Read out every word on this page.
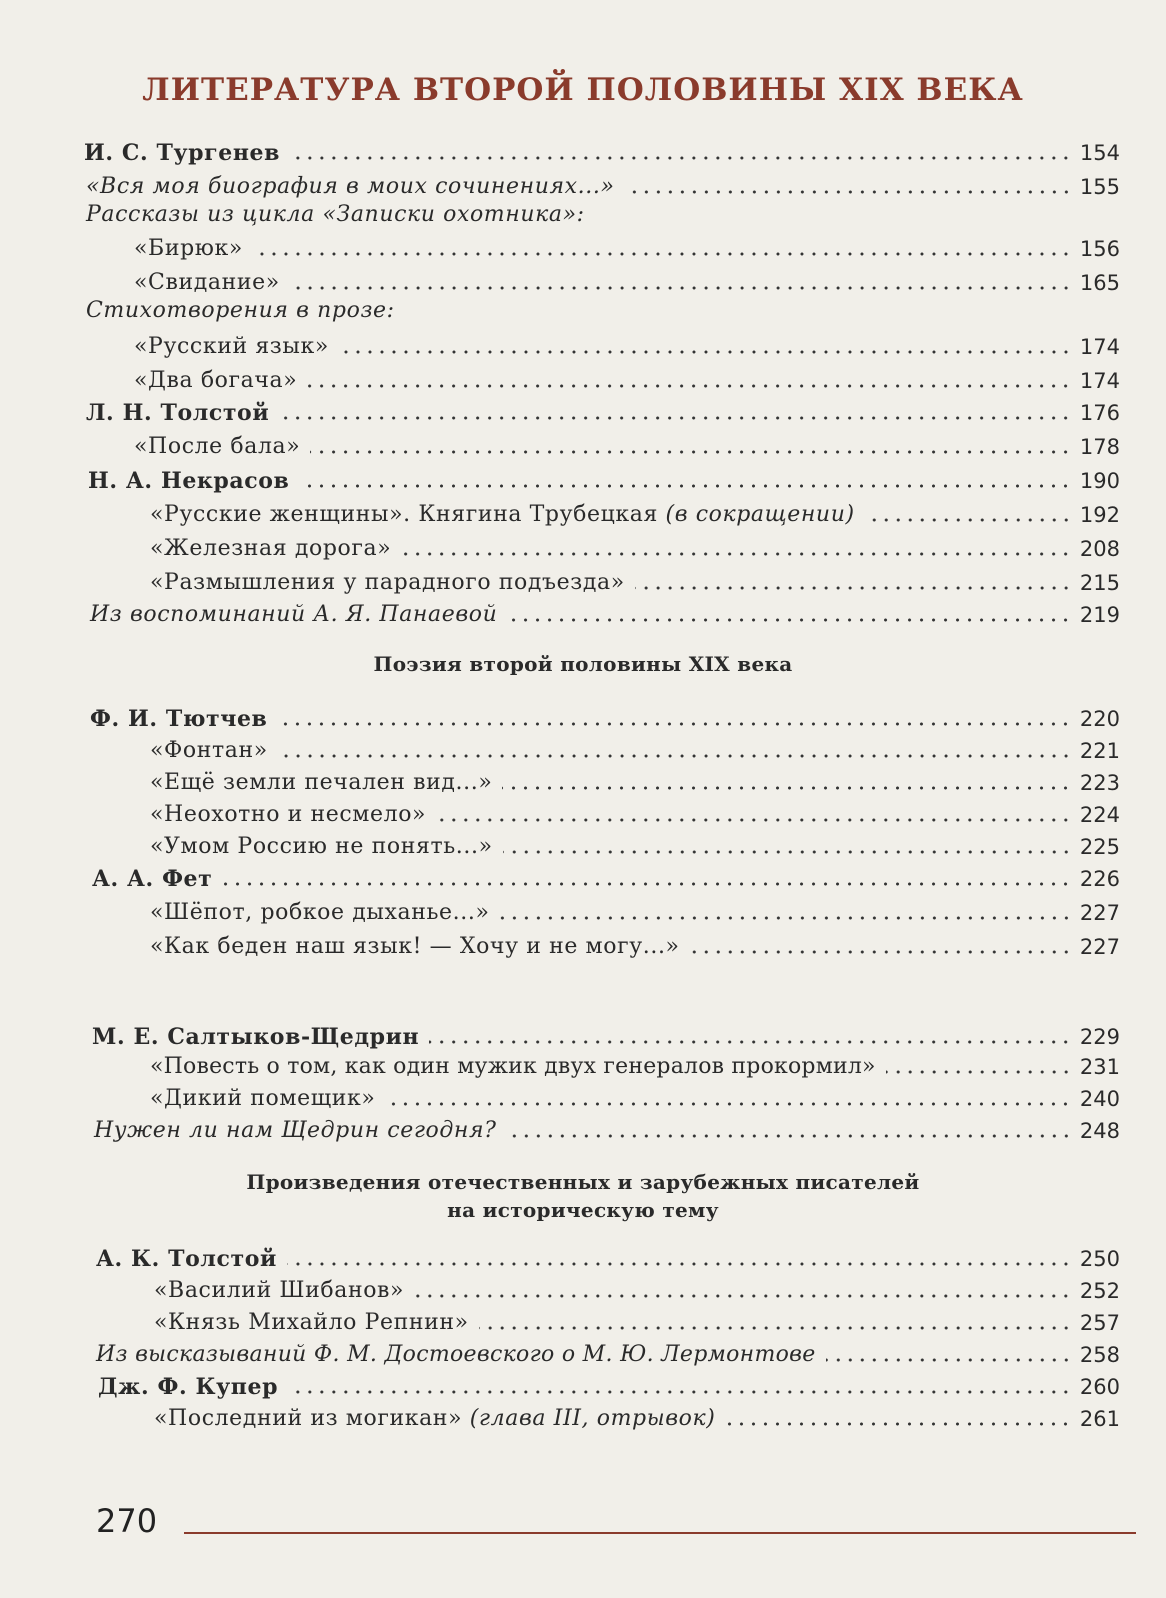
ЛИТЕРАТУРА ВТОРОЙ ПОЛОВИНЫ XIX ВЕКА
И. С. Тургенев	154
«Вся моя биография в моих сочинениях...»	155
Рассказы из цикла «Записки охотника»:
«Бирюк»	156
«Свидание»	165
Стихотворения в прозе:
«Русский язык»	174
«Два богача»	174
Л. Н. Толстой	176
«После бала»	178
Н. А. Некрасов	190
«Русские женщины». Княгина Трубецкая (в сокращении)	192
«Железная дорога»	208
«Размышления у парадного подъезда»	215
Из воспоминаний А. Я. Панаевой	219
Поэзия второй половины XIX века
Ф. И. Тютчев	220
«Фонтан»	221
«Ещё земли печален вид...»	223
«Неохотно и несмело»	224
«Умом Россию не понять...»	225
А. А. Фет	226
«Шёпот, робкое дыханье...»	227
«Как беден наш язык! — Хочу и не могу...»	227
М. Е. Салтыков-Щедрин	229
«Повесть о том, как один мужик двух генералов прокормил»	231
«Дикий помещик»	240
Нужен ли нам Щедрин сегодня?	248
Произведения отечественных и зарубежных писателей
на историческую тему
А. К. Толстой	250
«Василий Шибанов»	252
«Князь Михайло Репнин»	257
Из высказываний Ф. М. Достоевского о М. Ю. Лермонтове	258
Дж. Ф. Купер	260
«Последний из могикан» (глава III, отрывок)	261
270
